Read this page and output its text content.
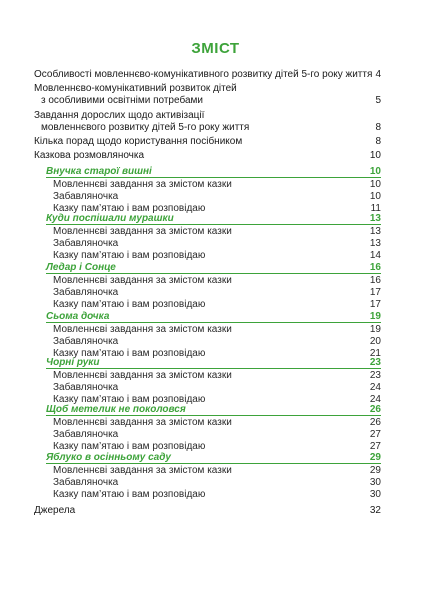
ЗМІСТ
Особливості мовленнєво-комунікативного розвитку дітей 5-го року життя 4
Мовленнєво-комунікативний розвиток дітей
з особливими освітніми потребами	5
Завдання дорослих щодо активізації
мовленнєвого розвитку дітей 5-го року життя	8
Кілька порад щодо користування посібником	8
Казкова розмовляночка	10
Внучка старої вишні	10
Мовленнєві завдання за змістом казки	10
Забавляночка	10
Казку пам’ятаю і вам розповідаю	11
Куди поспішали мурашки	13
Мовленнєві завдання за змістом казки	13
Забавляночка	13
Казку пам’ятаю і вам розповідаю	14
Ледар і Сонце	16
Мовленнєві завдання за змістом казки	16
Забавляночка	17
Казку пам’ятаю і вам розповідаю	17
Сьома дочка	19
Мовленнєві завдання за змістом казки	19
Забавляночка	20
Казку пам’ятаю і вам розповідаю	21
Чорні руки	23
Мовленнєві завдання за змістом казки	23
Забавляночка	24
Казку пам’ятаю і вам розповідаю	24
Щоб метелик не поколовся	26
Мовленнєві завдання за змістом казки	26
Забавляночка	27
Казку пам’ятаю і вам розповідаю	27
Яблуко в осінньому саду	29
Мовленнєві завдання за змістом казки	29
Забавляночка	30
Казку пам’ятаю і вам розповідаю	30
Джерела	32
